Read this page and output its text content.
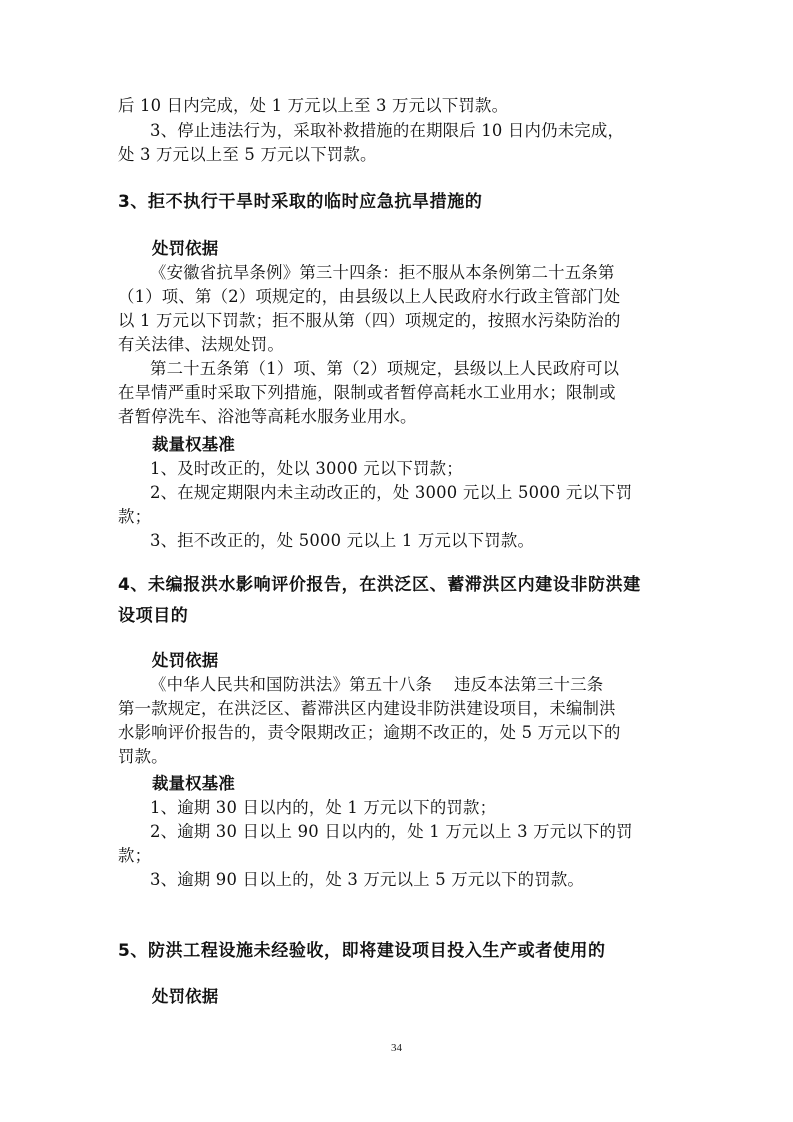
后 10 日内完成，处 1 万元以上至 3 万元以下罚款。
3、停止违法行为，采取补救措施的在期限后 10 日内仍未完成，
处 3 万元以上至 5 万元以下罚款。
3、拒不执行干旱时采取的临时应急抗旱措施的
处罚依据
《安徽省抗旱条例》第三十四条：拒不服从本条例第二十五条第
（1）项、第（2）项规定的，由县级以上人民政府水行政主管部门处
以 1 万元以下罚款；拒不服从第（四）项规定的，按照水污染防治的
有关法律、法规处罚。
第二十五条第（1）项、第（2）项规定，县级以上人民政府可以
在旱情严重时采取下列措施，限制或者暂停高耗水工业用水；限制或
者暂停洗车、浴池等高耗水服务业用水。
裁量权基准
1、及时改正的，处以 3000 元以下罚款；
2、在规定期限内未主动改正的，处 3000 元以上 5000 元以下罚
款；
3、拒不改正的，处 5000 元以上 1 万元以下罚款。
4、未编报洪水影响评价报告，在洪泛区、蓄滞洪区内建设非防洪建
设项目的
处罚依据
《中华人民共和国防洪法》第五十八条　 违反本法第三十三条
第一款规定，在洪泛区、蓄滞洪区内建设非防洪建设项目，未编制洪
水影响评价报告的，责令限期改正；逾期不改正的，处 5 万元以下的
罚款。
裁量权基准
1、逾期 30 日以内的，处 1 万元以下的罚款；
2、逾期 30 日以上 90 日以内的，处 1 万元以上 3 万元以下的罚
款；
3、逾期 90 日以上的，处 3 万元以上 5 万元以下的罚款。
5、防洪工程设施未经验收，即将建设项目投入生产或者使用的
处罚依据
34
